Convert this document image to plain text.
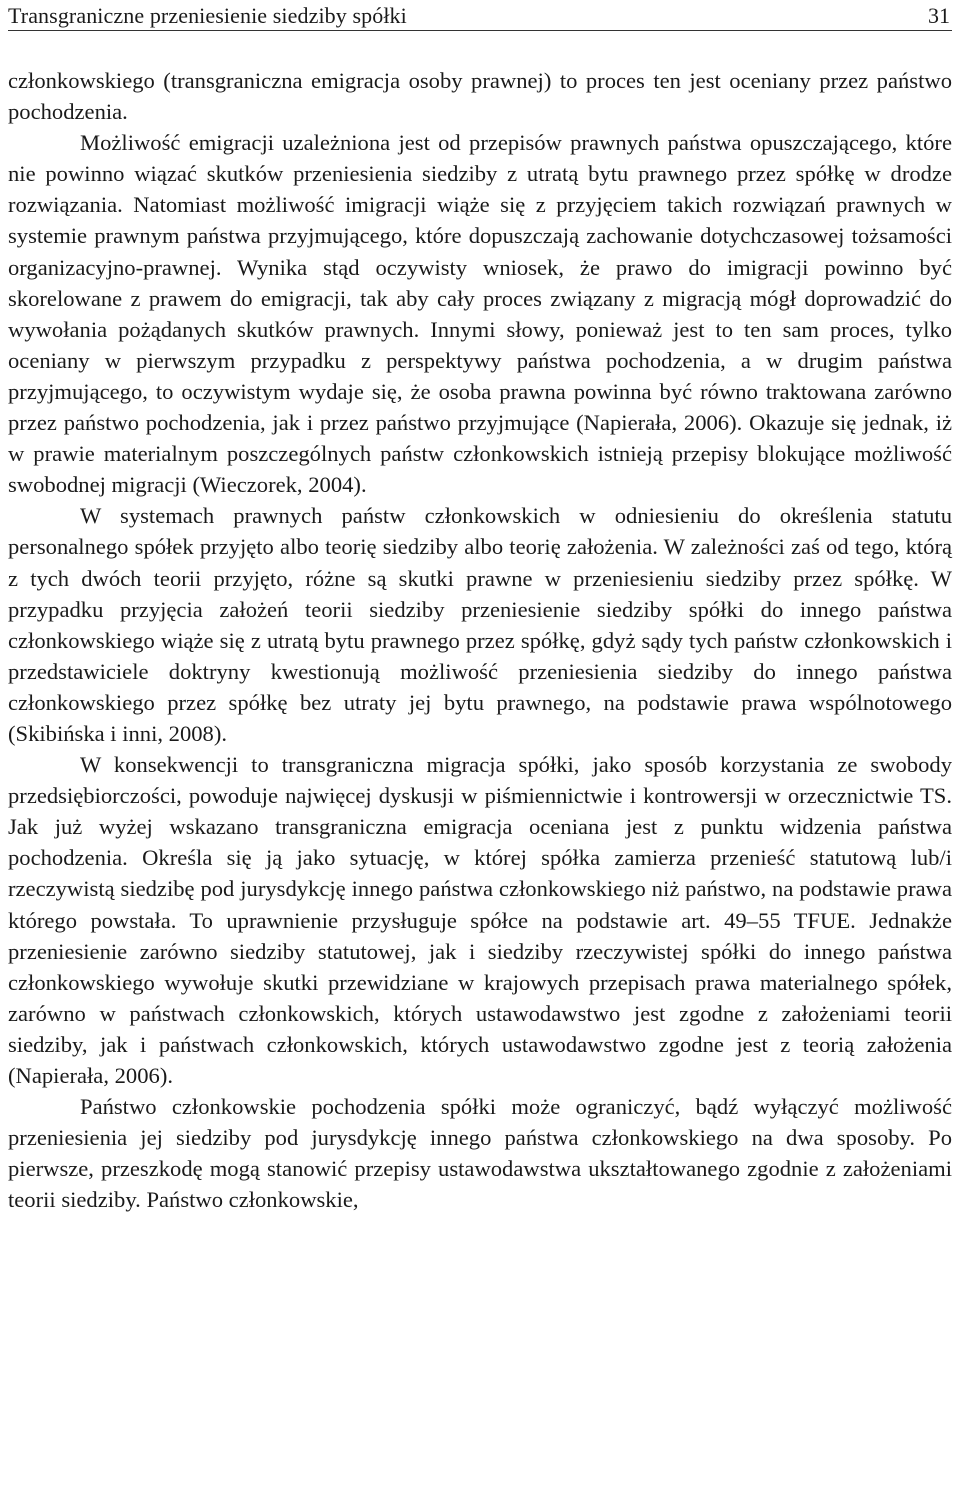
Transgraniczne przeniesienie siedziby spółki	31

członkowskiego (transgraniczna emigracja osoby prawnej) to proces ten jest oceniany przez państwo pochodzenia.

Możliwość emigracji uzależniona jest od przepisów prawnych państwa opuszczającego, które nie powinno wiązać skutków przeniesienia siedziby z utratą bytu prawnego przez spółkę w drodze rozwiązania. Natomiast możliwość imigracji wiąże się z przyjęciem takich rozwiązań prawnych w systemie prawnym państwa przyjmującego, które dopuszczają zachowanie dotychczasowej tożsamości organizacyjno-prawnej. Wynika stąd oczywisty wniosek, że prawo do imigracji powinno być skorelowane z prawem do emigracji, tak aby cały proces związany z migracją mógł doprowadzić do wywołania pożądanych skutków prawnych. Innymi słowy, ponieważ jest to ten sam proces, tylko oceniany w pierwszym przypadku z perspektywy państwa pochodzenia, a w drugim państwa przyjmującego, to oczywistym wydaje się, że osoba prawna powinna być równo traktowana zarówno przez państwo pochodzenia, jak i przez państwo przyjmujące (Napierała, 2006). Okazuje się jednak, iż w prawie materialnym poszczególnych państw członkowskich istnieją przepisy blokujące możliwość swobodnej migracji (Wieczorek, 2004).

W systemach prawnych państw członkowskich w odniesieniu do określenia statutu personalnego spółek przyjęto albo teorię siedziby albo teorię założenia. W zależności zaś od tego, którą z tych dwóch teorii przyjęto, różne są skutki prawne w przeniesieniu siedziby przez spółkę. W przypadku przyjęcia założeń teorii siedziby przeniesienie siedziby spółki do innego państwa członkowskiego wiąże się z utratą bytu prawnego przez spółkę, gdyż sądy tych państw członkowskich i przedstawiciele doktryny kwestionują możliwość przeniesienia siedziby do innego państwa członkowskiego przez spółkę bez utraty jej bytu prawnego, na podstawie prawa wspólnotowego (Skibińska i inni, 2008).

W konsekwencji to transgraniczna migracja spółki, jako sposób korzystania ze swobody przedsiębiorczości, powoduje najwięcej dyskusji w piśmiennictwie i kontrowersji w orzecznictwie TS. Jak już wyżej wskazano transgraniczna emigracja oceniana jest z punktu widzenia państwa pochodzenia. Określa się ją jako sytuację, w której spółka zamierza przenieść statutową lub/i rzeczywistą siedzibę pod jurysdykcję innego państwa członkowskiego niż państwo, na podstawie prawa którego powstała. To uprawnienie przysługuje spółce na podstawie art. 49–55 TFUE. Jednakże przeniesienie zarówno siedziby statutowej, jak i siedziby rzeczywistej spółki do innego państwa członkowskiego wywołuje skutki przewidziane w krajowych przepisach prawa materialnego spółek, zarówno w państwach członkowskich, których ustawodawstwo jest zgodne z założeniami teorii siedziby, jak i państwach członkowskich, których ustawodawstwo zgodne jest z teorią założenia (Napierała, 2006).

Państwo członkowskie pochodzenia spółki może ograniczyć, bądź wyłączyć możliwość przeniesienia jej siedziby pod jurysdykcję innego państwa członkowskiego na dwa sposoby. Po pierwsze, przeszkodę mogą stanowić przepisy ustawodawstwa ukształtowanego zgodnie z założeniami teorii siedziby. Państwo członkowskie,
